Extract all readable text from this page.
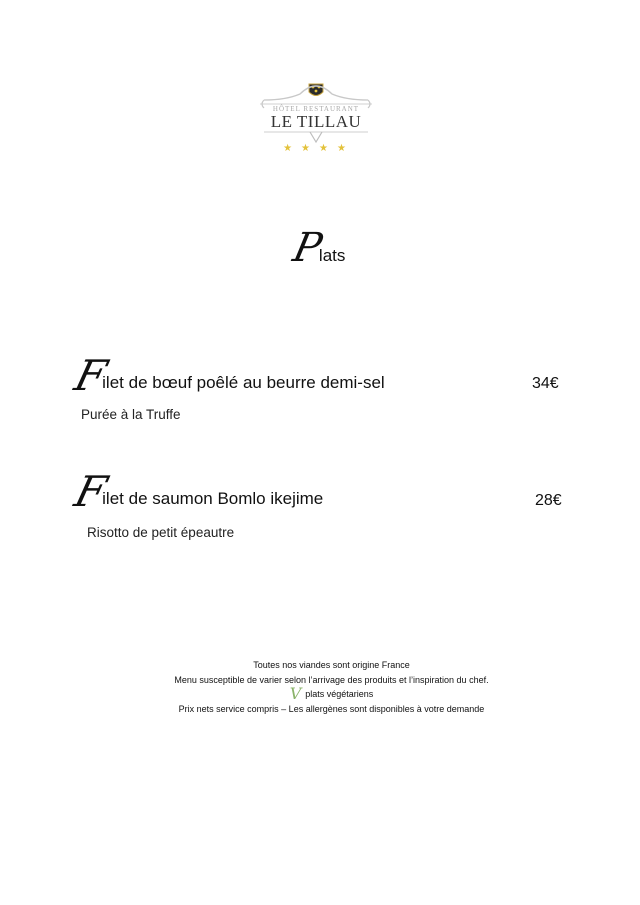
HÔTEL RESTAURANT
LE TILLAU
★★★★
Plats
Filet de bœuf poêlé au beurre demi-sel	34€
Purée à la Truffe
Filet de saumon Bomlo ikejime	28€
Risotto de petit épeautre
Toutes nos viandes sont origine France
Menu susceptible de varier selon l’arrivage des produits et l’inspiration du chef.
Vplats végétariens
Prix nets service compris – Les allergènes sont disponibles à votre demande
